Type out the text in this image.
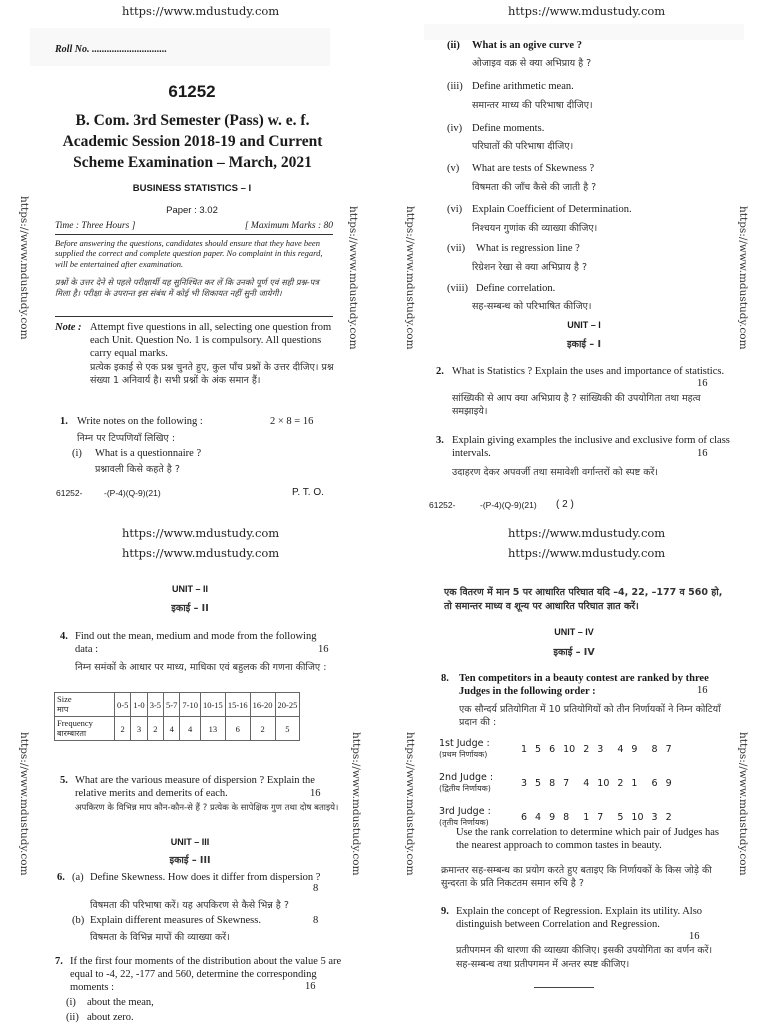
https://www.mdustudy.com
Roll No. ..............................
61252
B. Com. 3rd Semester (Pass) w. e. f.
Academic Session 2018-19 and Current
Scheme Examination – March, 2021
BUSINESS STATISTICS – I
Paper : 3.02
Time : Three Hours ]	[ Maximum Marks : 80
Before answering the questions, candidates should ensure that they have been supplied the correct and complete question paper. No complaint in this regard, will be entertained after examination.
प्रश्नों के उत्तर देने से पहले परीक्षार्थी यह सुनिश्चित कर लें कि उनको पूर्ण एवं सही प्रश्न-पत्र मिला है। परीक्षा के उपरान्त इस संबंध में कोई भी शिकायत नहीं सुनी जायेगी।
Note : Attempt five questions in all, selecting one question from each Unit. Question No. 1 is compulsory. All questions carry equal marks.
प्रत्येक इकाई से एक प्रश्न चुनते हुए, कुल पाँच प्रश्नों के उत्तर दीजिए। प्रश्न संख्या 1 अनिवार्य है। सभी प्रश्नों के अंक समान हैं।
1. Write notes on the following :	2 × 8 = 16
निम्न पर टिप्पणियाँ लिखिए :
(i) What is a questionnaire ?
प्रश्नावली किसे कहते है ?
61252-	-(P-4)(Q-9)(21)	P. T. O.
https://www.mdustudy.com	https://www.mdustudy.com
https://www.mdustudy.com
(ii) What is an ogive curve ?
ओजाइव वक्र से क्या अभिप्राय है ?
(iii) Define arithmetic mean.
समान्तर माध्य की परिभाषा दीजिए।
(iv) Define moments.
परिघातों की परिभाषा दीजिए।
(v) What are tests of Skewness ?
विषमता की जाँच कैसे की जाती है ?
(vi) Explain Coefficient of Determination.
निश्चयन गुणांक की व्याख्या कीजिए।
(vii) What is regression line ?
रिग्रेशन रेखा से क्या अभिप्राय है ?
(viii) Define correlation.
सह-सम्बन्ध को परिभाषित कीजिए।
UNIT – I
इकाई – I
2. What is Statistics ? Explain the uses and importance of statistics.
16
सांख्यिकी से आप क्या अभिप्राय है ? सांख्यिकी की उपयोगिता तथा महत्व समझाइये।
3. Explain giving examples the inclusive and exclusive form of class intervals.	16
उदाहरण देकर अपवर्जी तथा समावेशी वर्गान्तरों को स्पष्ट करें।
61252-	-(P-4)(Q-9)(21) ( 2 )
https://www.mdustudy.com	https://www.mdustudy.com
https://www.mdustudy.com
https://www.mdustudy.com
UNIT – II
इकाई – II
4. Find out the mean, medium and mode from the following data :	16
निम्न समंकों के आधार पर माध्य, माधिका एवं बहुलक की गणना कीजिए :
Size
माप	0-5	1-0	3-5	5-7	7-10	10-15	15-16	16-20	20-25
Frequency
बारम्बारता	2	3	2	4	4	13	6	2	5
5. What are the various measure of dispersion ? Explain the relative merits and demerits of each.	16
अपकिरण के विभिन्न माप कौन-कौन-से हैं ? प्रत्येक के सापेक्षिक गुण तथा दोष बताइये।
UNIT – III
इकाई – III
6. (a) Define Skewness. How does it differ from dispersion ?
8
विषमता की परिभाषा करें। यह अपकिरण से कैसे भिन्न है ?
(b) Explain different measures of Skewness.	8
विषमता के विभिन्न मापों की व्याख्या करें।
7. If the first four moments of the distribution about the value 5 are equal to -4, 22, -177 and 560, determine the corresponding moments :	16
(i) about the mean,
(ii) about zero.
https://www.mdustudy.com	https://www.mdustudy.com
https://www.mdustudy.com
https://www.mdustudy.com
एक वितरण में मान 5 पर आधारित परिघात यदि –4, 22, –177 व 560 हो, तो समान्तर माध्य व शून्य पर आधारित परिघात ज्ञात करें।
UNIT – IV
इकाई – IV
8. Ten competitors in a beauty contest are ranked by three Judges in the following order :	16
एक सौन्दर्य प्रतियोगिता में 10 प्रतियोगियों को तीन निर्णायकों ने निम्न कोटियाँ प्रदान की :
1st Judge :
(प्रथम निर्णायक)	1	5	6	10	2	3	4	9	8	7

2nd Judge :
(द्वितीय निर्णायक)	3	5	8	7	4	10	2	1	6	9

3rd Judge :
(तृतीय निर्णायक)	6	4	9	8	1	7	5	10	3	2
Use the rank correlation to determine which pair of Judges has the nearest approach to common tastes in beauty.
क्रमान्तर सह-सम्बन्ध का प्रयोग करते हुए बताइए कि निर्णायकों के किस जोड़े की सुन्दरता के प्रति निकटतम समान रुचि है ?
9. Explain the concept of Regression. Explain its utility. Also distinguish between Correlation and Regression.
16
प्रतीपगमन की धारणा की व्याख्या कीजिए। इसकी उपयोगिता का वर्णन करें। सह-सम्बन्ध तथा प्रतीपगमन में अन्तर स्पष्ट कीजिए।
https://www.mdustudy.com	https://www.mdustudy.com
